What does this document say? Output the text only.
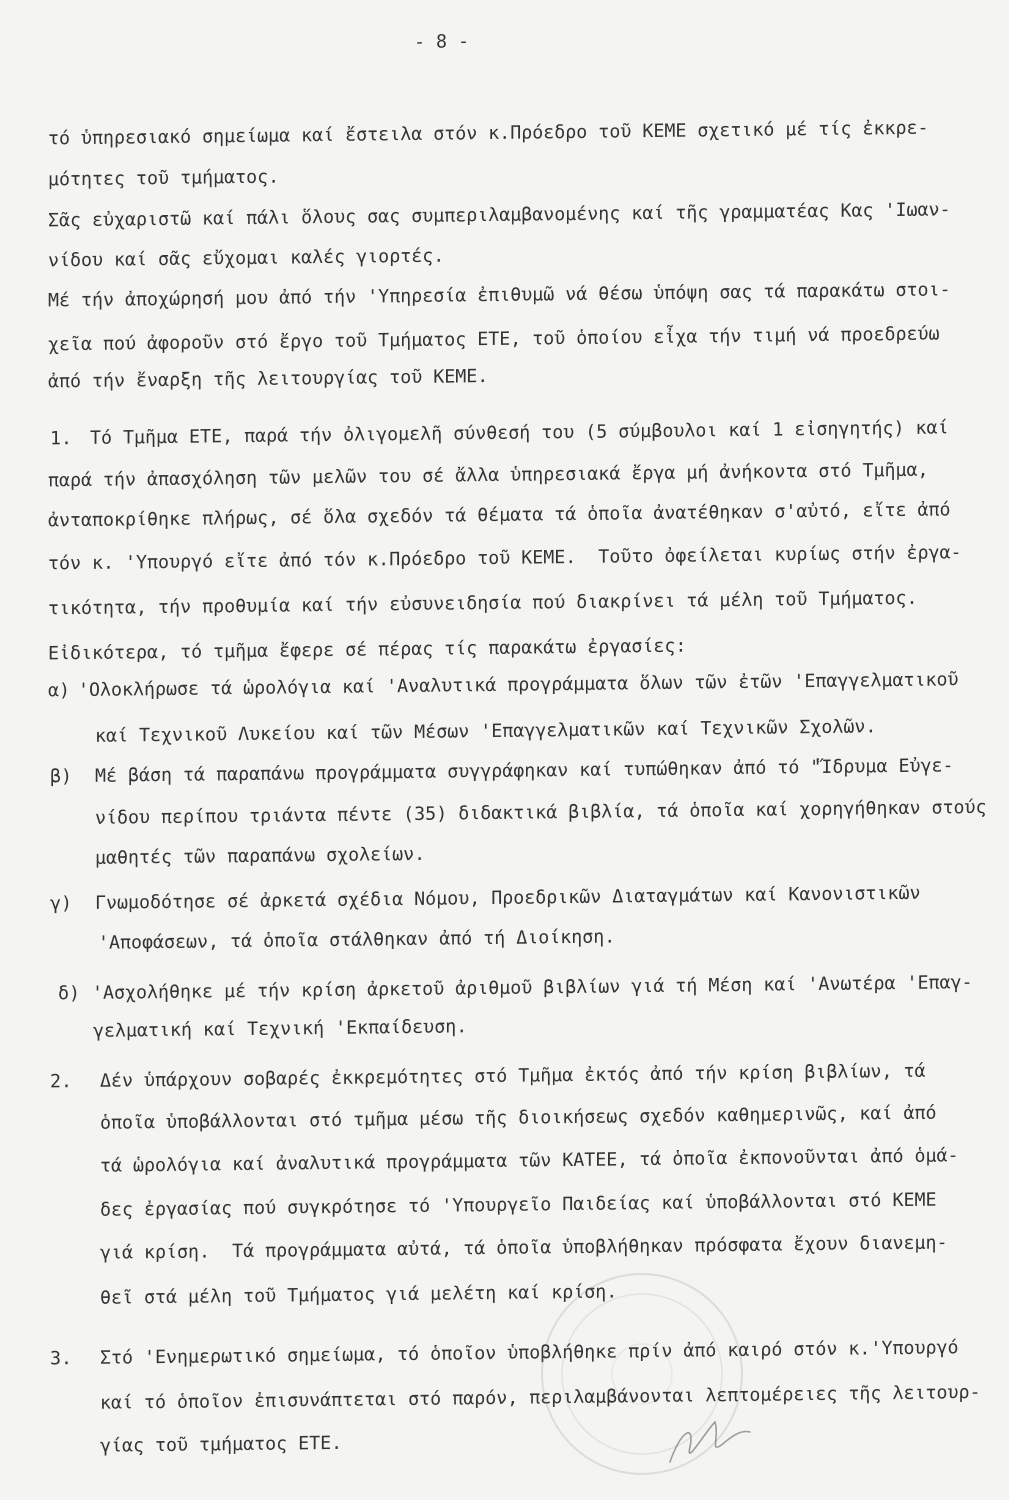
- 8 -
τό ὑπηρεσιακό σημείωμα καί ἔστειλα στόν κ.Πρόεδρο τοῦ ΚΕΜΕ σχετικό μέ τίς ἐκκρε-
μότητες τοῦ τμήματος.
Σᾶς εὐχαριστῶ καί πάλι ὅλους σας συμπεριλαμβανομένης καί τῆς γραμματέας Κας 'Ιωαν-
νίδου καί σᾶς εὔχομαι καλές γιορτές.
Μέ τήν ἀποχώρησή μου ἀπό τήν 'Υπηρεσία ἐπιθυμῶ νά θέσω ὑπόψη σας τά παρακάτω στοι-
χεῖα πού ἀφοροῦν στό ἔργο τοῦ Τμήματος ΕΤΕ, τοῦ ὁποίου εἶχα τήν τιμή νά προεδρεύω
ἀπό τήν ἔναρξη τῆς λειτουργίας τοῦ ΚΕΜΕ.
1. Τό Τμῆμα ΕΤΕ, παρά τήν ὀλιγομελῆ σύνθεσή του (5 σύμβουλοι καί 1 εἰσηγητής) καί
παρά τήν ἀπασχόληση τῶν μελῶν του σέ ἄλλα ὑπηρεσιακά ἔργα μή ἀνήκοντα στό Τμῆμα,
ἀνταποκρίθηκε πλήρως, σέ ὅλα σχεδόν τά θέματα τά ὁποῖα ἀνατέθηκαν σ'αὐτό, εἴτε ἀπό
τόν κ. 'Υπουργό εἴτε ἀπό τόν κ.Πρόεδρο τοῦ ΚΕΜΕ.  Τοῦτο ὀφείλεται κυρίως στήν ἐργα-
τικότητα, τήν προθυμία καί τήν εὐσυνειδησία πού διακρίνει τά μέλη τοῦ Τμήματος.
Εἰδικότερα, τό τμῆμα ἔφερε σέ πέρας τίς παρακάτω ἐργασίες:
α) 'Ολοκλήρωσε τά ὡρολόγια καί 'Αναλυτικά προγράμματα ὅλων τῶν ἐτῶν 'Επαγγελματικοῦ
καί Τεχνικοῦ Λυκείου καί τῶν Μέσων 'Επαγγελματικῶν καί Τεχνικῶν Σχολῶν.
β) Μέ βάση τά παραπάνω προγράμματα συγγράφηκαν καί τυπώθηκαν ἀπό τό "Ἵδρυμα Εὐγε-
νίδου περίπου τριάντα πέντε (35) διδακτικά βιβλία, τά ὁποῖα καί χορηγήθηκαν στούς
μαθητές τῶν παραπάνω σχολείων.
γ) Γνωμοδότησε σέ ἀρκετά σχέδια Νόμου, Προεδρικῶν Διαταγμάτων καί Κανονιστικῶν
'Αποφάσεων, τά ὁποῖα στάλθηκαν ἀπό τή Διοίκηση.
δ) 'Ασχολήθηκε μέ τήν κρίση ἀρκετοῦ ἀριθμοῦ βιβλίων γιά τή Μέση καί 'Ανωτέρα 'Επαγ-
γελματική καί Τεχνική 'Εκπαίδευση.
2. Δέν ὑπάρχουν σοβαρές ἐκκρεμότητες στό Τμῆμα ἐκτός ἀπό τήν κρίση βιβλίων, τά
ὁποῖα ὑποβάλλονται στό τμῆμα μέσω τῆς διοικήσεως σχεδόν καθημερινῶς, καί ἀπό
τά ὡρολόγια καί ἀναλυτικά προγράμματα τῶν ΚΑΤΕΕ, τά ὁποῖα ἐκπονοῦνται ἀπό ὁμά-
δες ἐργασίας πού συγκρότησε τό 'Υπουργεῖο Παιδείας καί ὑποβάλλονται στό ΚΕΜΕ
γιά κρίση.  Τά προγράμματα αὐτά, τά ὁποῖα ὑποβλήθηκαν πρόσφατα ἔχουν διανεμη-
θεῖ στά μέλη τοῦ Τμήματος γιά μελέτη καί κρίση.
3. Στό 'Ενημερωτικό σημείωμα, τό ὁποῖον ὑποβλήθηκε πρίν ἀπό καιρό στόν κ.'Υπουργό
καί τό ὁποῖον ἐπισυνάπτεται στό παρόν, περιλαμβάνονται λεπτομέρειες τῆς λειτουρ-
γίας τοῦ τμήματος ΕΤΕ.
